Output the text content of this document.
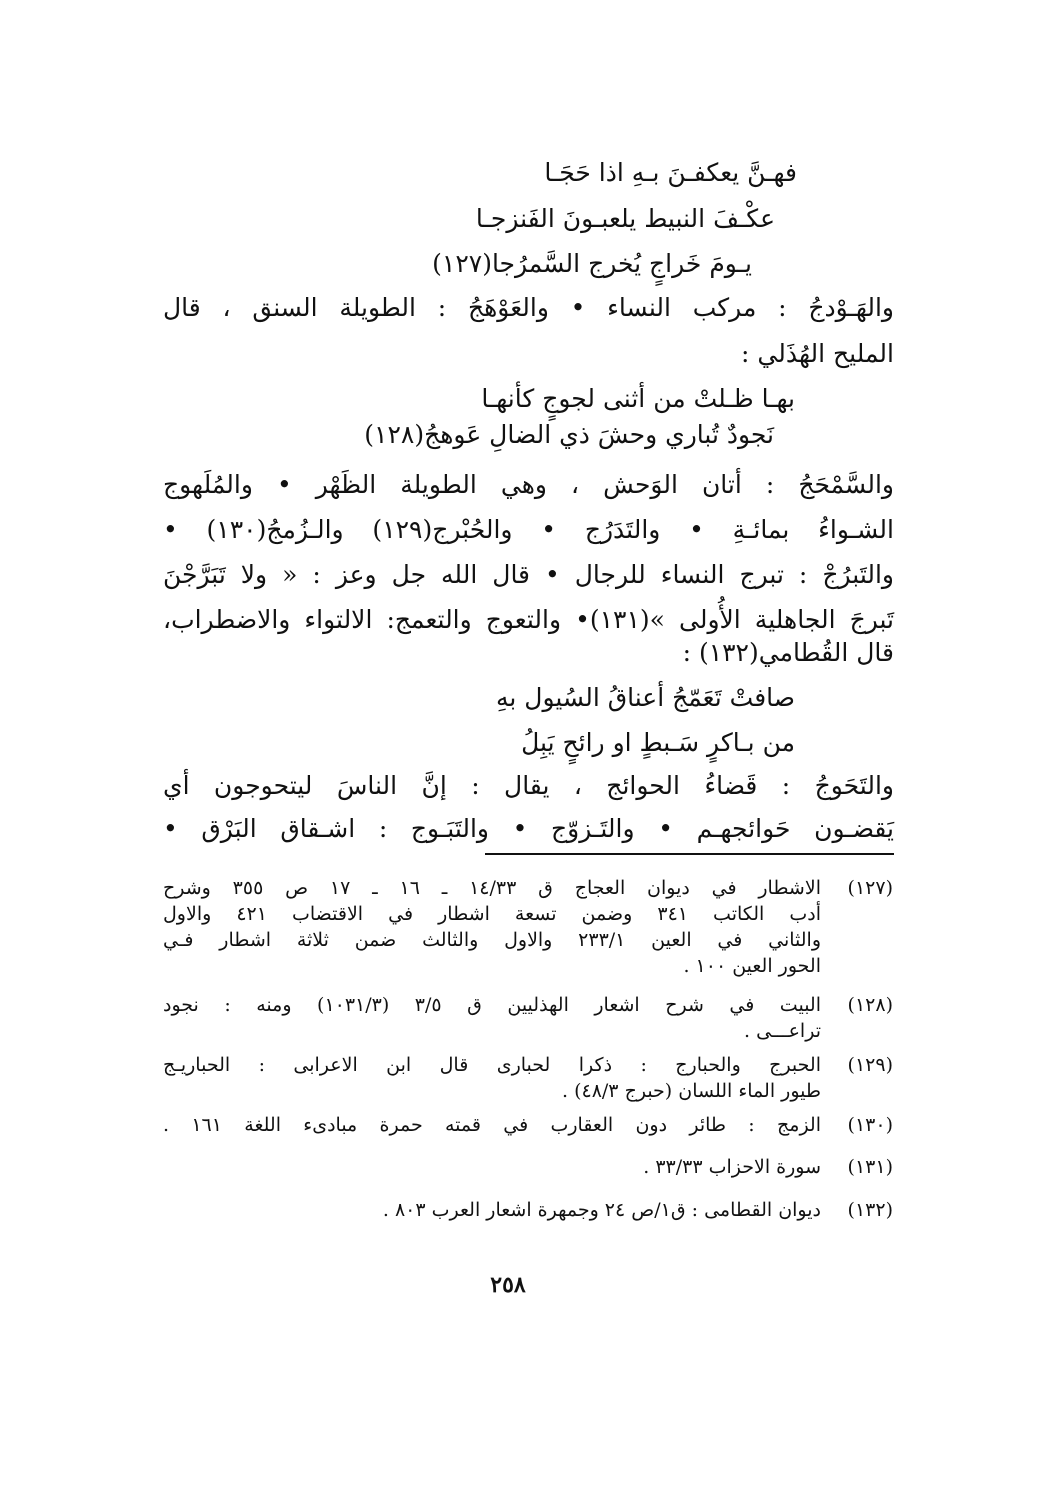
فهـنَّ يعكفـنَ بـهِ اذا حَجَـا
عكْـفَ النبيط يلعبـونَ الفَنزجـا
يـومَ خَراجٍ يُخرج السَّمرُجا(١٢٧)
والهَـوْدجُ : مركب النساء • والعَوْهَجُ : الطويلة السنق ، قال
المليح الهُذَلي :
بهـا ظـلتْ من أثنى لجوجٍ كأنهـا
نَجودٌ تُباري وحشَ ذي الضالِ عَوهجُ(١٢٨)
والسَّمْحَجُ : أتان الوَحش ، وهي الطويلة الظَهْر • والمُلَهوج
الشـواءُ بمائـةِ • والتَدَرُج • والحُبْرج(١٢٩) والـزُمجُ(١٣٠) •
والتَبرُجْ : تبرج النساء للرجال • قال الله جل وعز : « ولا تَبَرَّجْنَ
تَبرجَ الجاهلية الأُولى »(١٣١)• والتعوج والتعمج: الالتواء والاضطراب،
قال القُطامي(١٣٢) :
صافتْ تَعَمّجُ أعناقُ السُيول بهِ
من بـاكرٍ سَـبطٍ او رائحٍ يَبِلُ
والتَحَوجُ : قَضاءُ الحوائج ، يقال : إنَّ الناسَ ليتحوجون أي
يَقضـون حَوائجهـم • والتَـزوّج • والتَبَـوج : اشـقاق البَرْق •
(١٢٧)
الاشطار في ديوان العجاج ق ١٤/٣٣ ـ ١٦ ـ ١٧ ص ٣٥٥ وشرح
أدب الكاتب ٣٤١ وضمن تسعة اشطار في الاقتضاب ٤٢١ والاول
والثاني في العين ٢٣٣/١ والاول والثالث ضمن ثلاثة اشطار فـي
الحور العين ١٠٠ .
(١٢٨)
البيت في شرح اشعار الهذليين ق ٣/٥ (١٠٣١/٣) ومنه : نجود
تراعـــى .
(١٢٩)
الحبرج والحبارج : ذكرا لحبارى قال ابن الاعرابى : الحباريـج
طيور الماء اللسان (حبرج ٤٨/٣) .
(١٣٠)
الزمج : طائر دون العقارب في قمته حمرة مبادىء اللغة ١٦١ .
(١٣١)
سورة الاحزاب ٣٣/٣٣ .
(١٣٢)
ديوان القطامى : ق١/ص ٢٤ وجمهرة اشعار العرب ٨٠٣ .
٢٥٨
